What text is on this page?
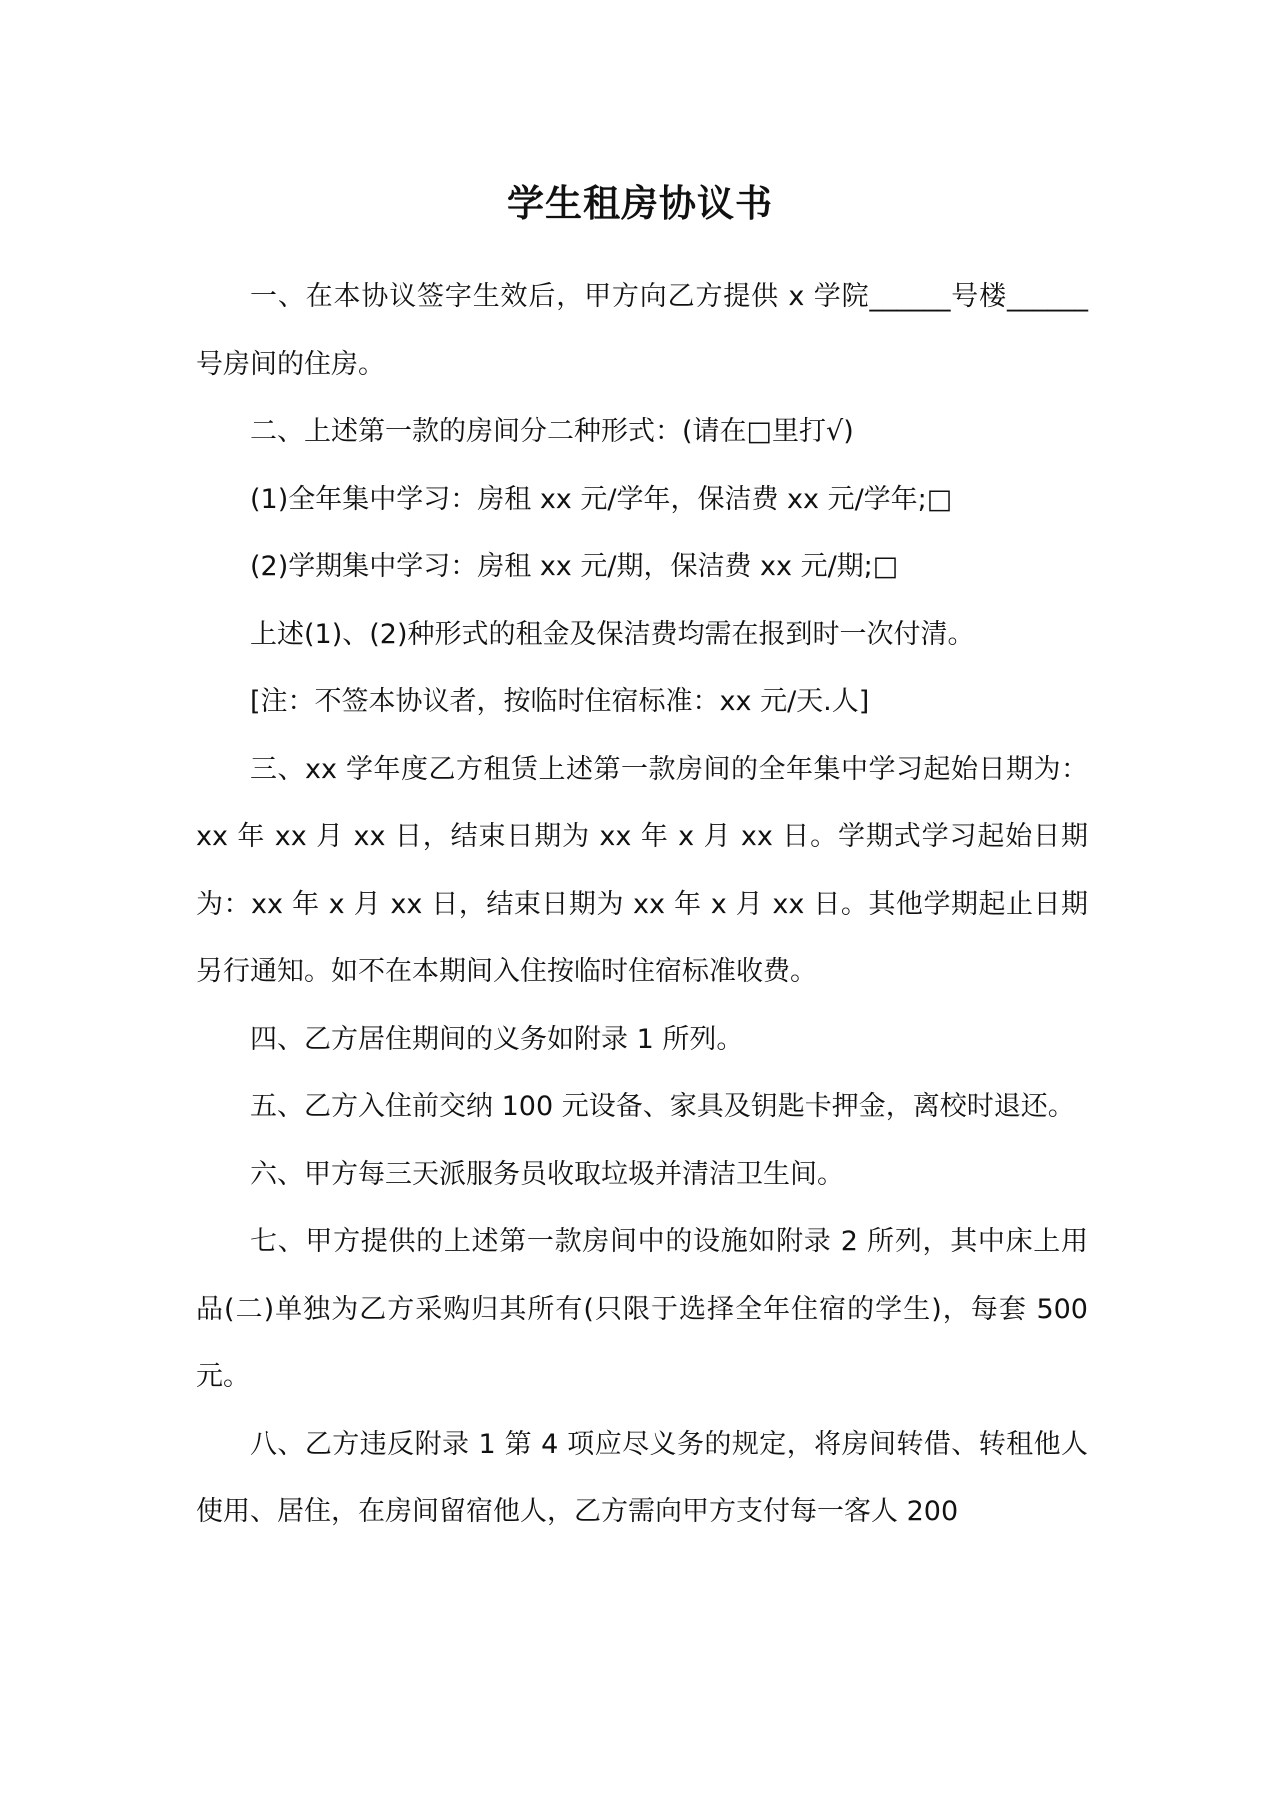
学生租房协议书

一、在本协议签字生效后，甲方向乙方提供 x 学院______号楼______号房间的住房。

二、上述第一款的房间分二种形式：(请在□里打√)

(1)全年集中学习：房租 xx 元/学年，保洁费 xx 元/学年;□

(2)学期集中学习：房租 xx 元/期，保洁费 xx 元/期;□

上述(1)、(2)种形式的租金及保洁费均需在报到时一次付清。

[注：不签本协议者，按临时住宿标准：xx 元/天.人]

三、xx 学年度乙方租赁上述第一款房间的全年集中学习起始日期为：xx 年 xx 月 xx 日，结束日期为 xx 年 x 月 xx 日。学期式学习起始日期为：xx 年 x 月 xx 日，结束日期为 xx 年 x 月 xx 日。其他学期起止日期另行通知。如不在本期间入住按临时住宿标准收费。

四、乙方居住期间的义务如附录 1 所列。

五、乙方入住前交纳 100 元设备、家具及钥匙卡押金，离校时退还。

六、甲方每三天派服务员收取垃圾并清洁卫生间。

七、甲方提供的上述第一款房间中的设施如附录 2 所列，其中床上用品(二)单独为乙方采购归其所有(只限于选择全年住宿的学生)，每套 500 元。

八、乙方违反附录 1 第 4 项应尽义务的规定，将房间转借、转租他人使用、居住，在房间留宿他人，乙方需向甲方支付每一客人 200
